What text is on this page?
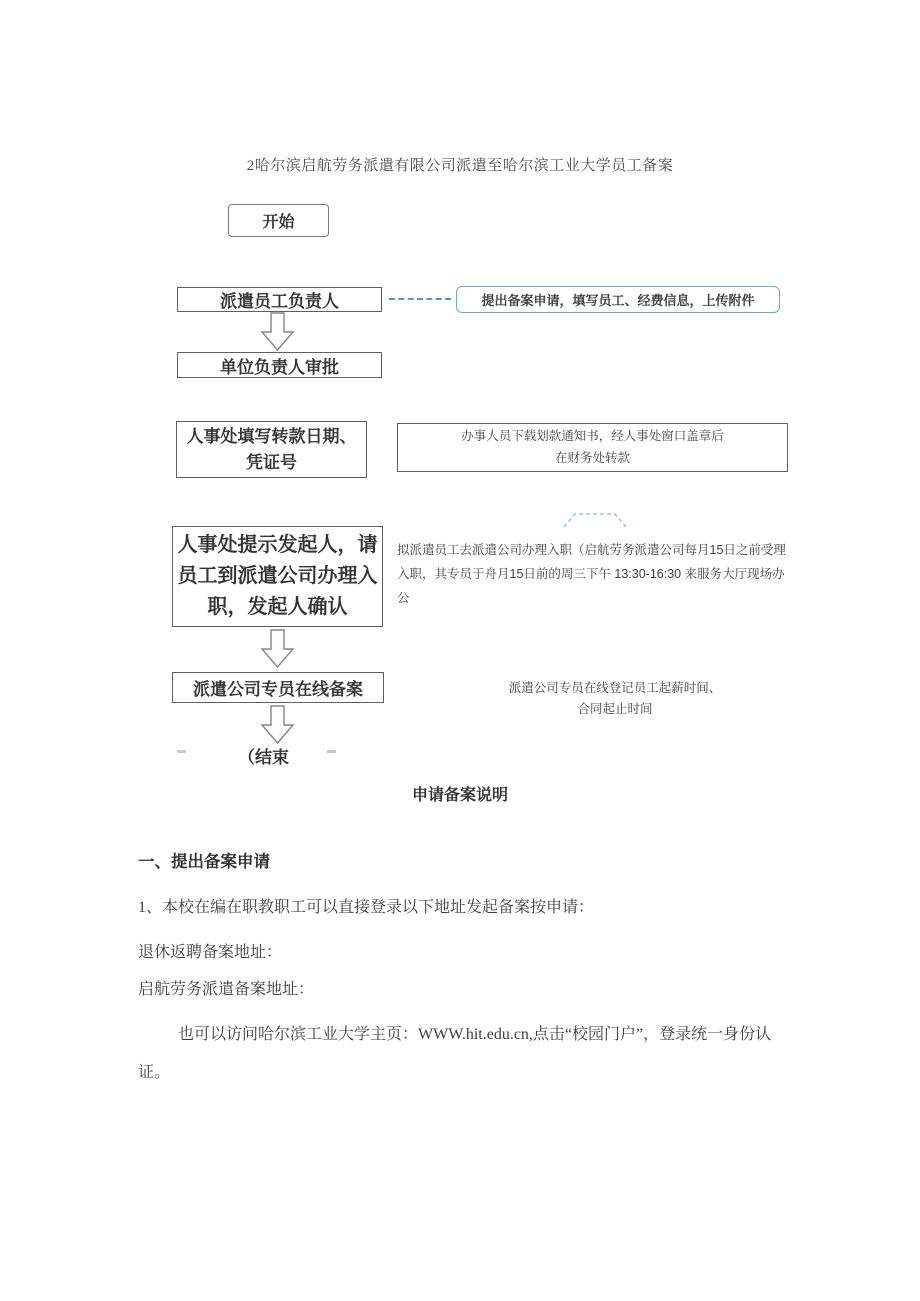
2哈尔滨启航劳务派遣有限公司派遣至哈尔滨工业大学员工备案
开始
派遣员工负责人	提出备案申请，填写员工、经费信息，上传附件
单位负责人审批
人事处填写转款日期、凭证号
办事人员下载划款通知书，经人事处窗口盖章后
在财务处转款
人事处提示发起人，请员工到派遣公司办理入职，发起人确认
拟派遣员工去派遣公司办理入职（启航劳务派遣公司每月15日之前受理入职，其专员于舟月15日前的周三下午 13:30-16:30 来服务大厅现场办公
派遣公司专员在线备案	派遣公司专员在线登记员工起薪时间、
合同起止时间
（结束
申请备案说明
一、提出备案申请
1、本校在编在职教职工可以直接登录以下地址发起备案按申请：
退休返聘备案地址：
启航劳务派遣备案地址：
也可以访问哈尔滨工业大学主页：WWW.hit.edu.cn,点击“校园门户”，登录统一身份认证。
